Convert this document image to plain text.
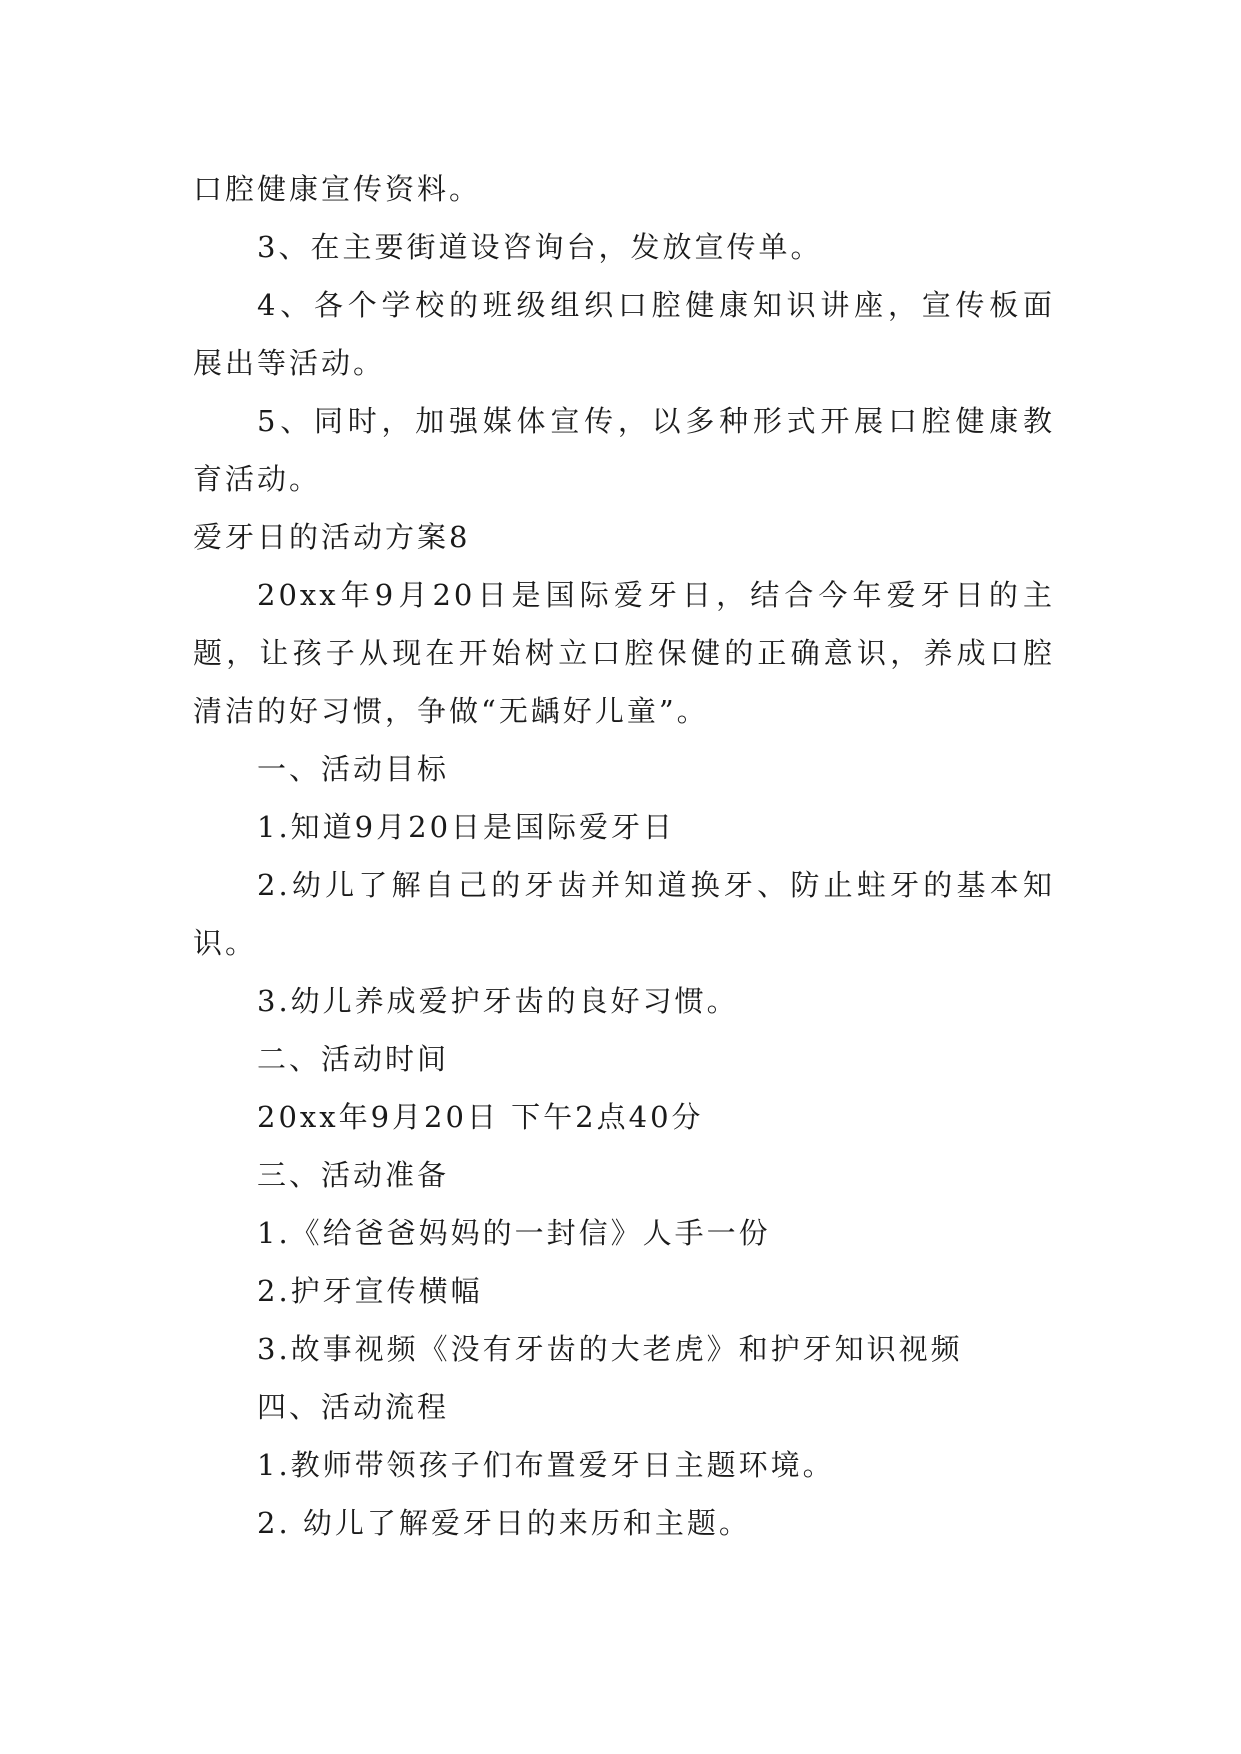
口腔健康宣传资料。

3、在主要街道设咨询台，发放宣传单。

4、各个学校的班级组织口腔健康知识讲座，宣传板面

展出等活动。

5、同时，加强媒体宣传，以多种形式开展口腔健康教

育活动。

爱牙日的活动方案8

20xx年9月20日是国际爱牙日，结合今年爱牙日的主

题，让孩子从现在开始树立口腔保健的正确意识，养成口腔

清洁的好习惯，争做“无龋好儿童”。

一、活动目标

1.知道9月20日是国际爱牙日

2.幼儿了解自己的牙齿并知道换牙、防止蛀牙的基本知

识。

3.幼儿养成爱护牙齿的良好习惯。

二、活动时间

20xx年9月20日 下午2点40分

三、活动准备

1.《给爸爸妈妈的一封信》人手一份

2.护牙宣传横幅

3.故事视频《没有牙齿的大老虎》和护牙知识视频

四、活动流程

1.教师带领孩子们布置爱牙日主题环境。

2. 幼儿了解爱牙日的来历和主题。
